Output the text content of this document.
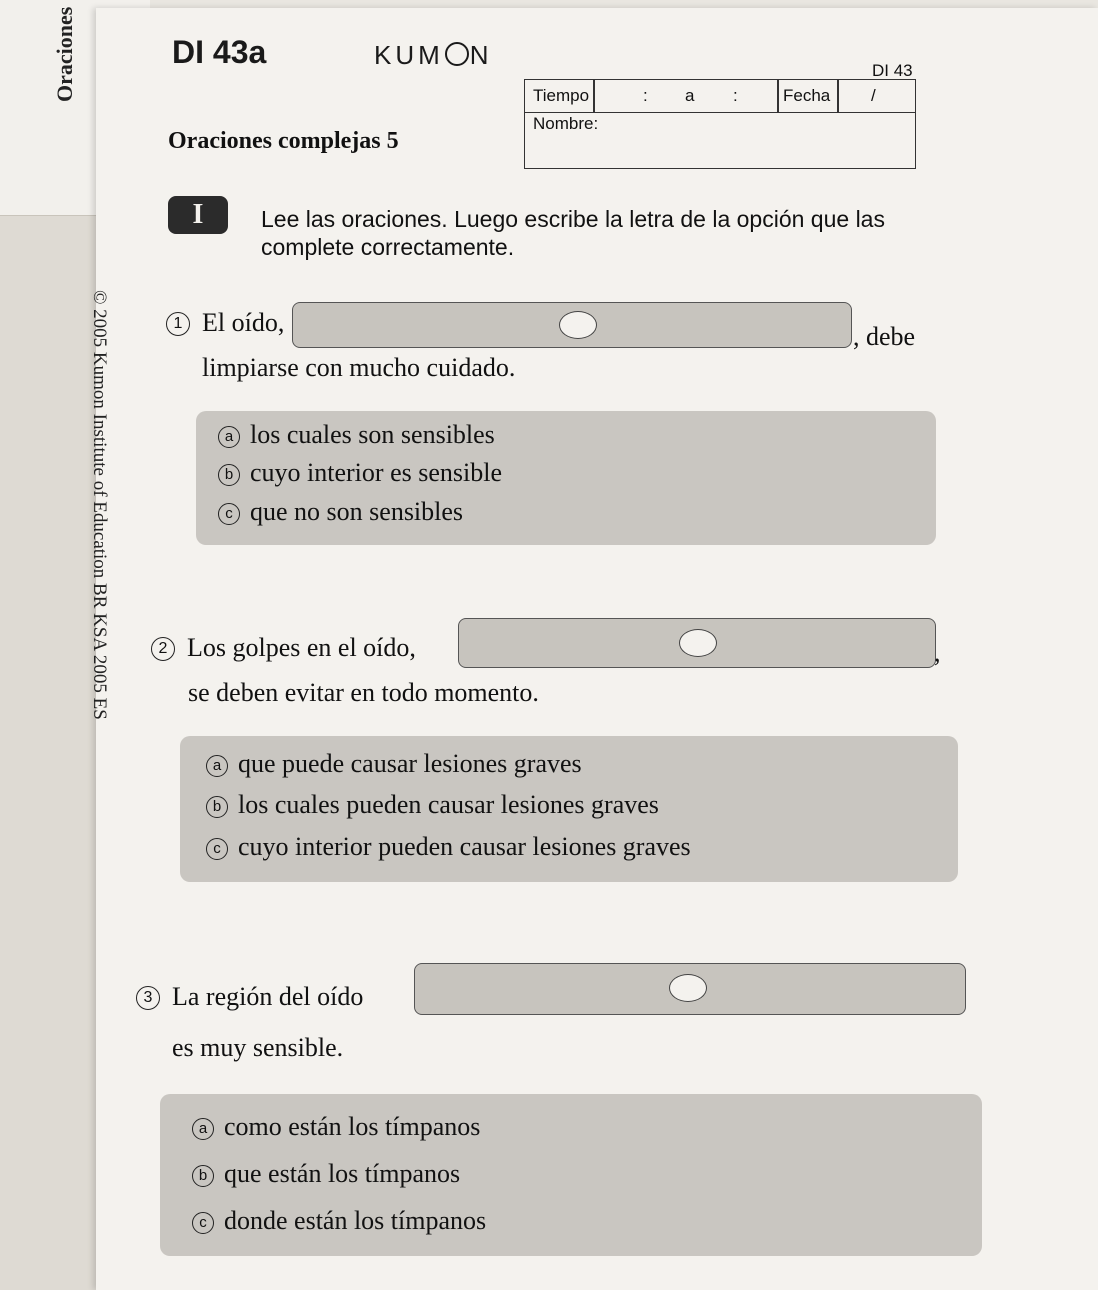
Oraciones
© 2005 Kumon Institute of Education BR KSA 2005 ES
DI 43a	KUM N
DI 43
Tiempo	: a :	Fecha /
Nombre:
Oraciones complejas 5
I	Lee las oraciones. Luego escribe la letra de la opción que las
complete correctamente.
1 El oído,	, debe
limpiarse con mucho cuidado.
a los cuales son sensibles
b cuyo interior es sensible
c que no son sensibles
2 Los golpes en el oído,	,
se deben evitar en todo momento.
a que puede causar lesiones graves
b los cuales pueden causar lesiones graves
c cuyo interior pueden causar lesiones graves
3 La región del oído
es muy sensible.
a como están los tímpanos
b que están los tímpanos
c donde están los tímpanos
